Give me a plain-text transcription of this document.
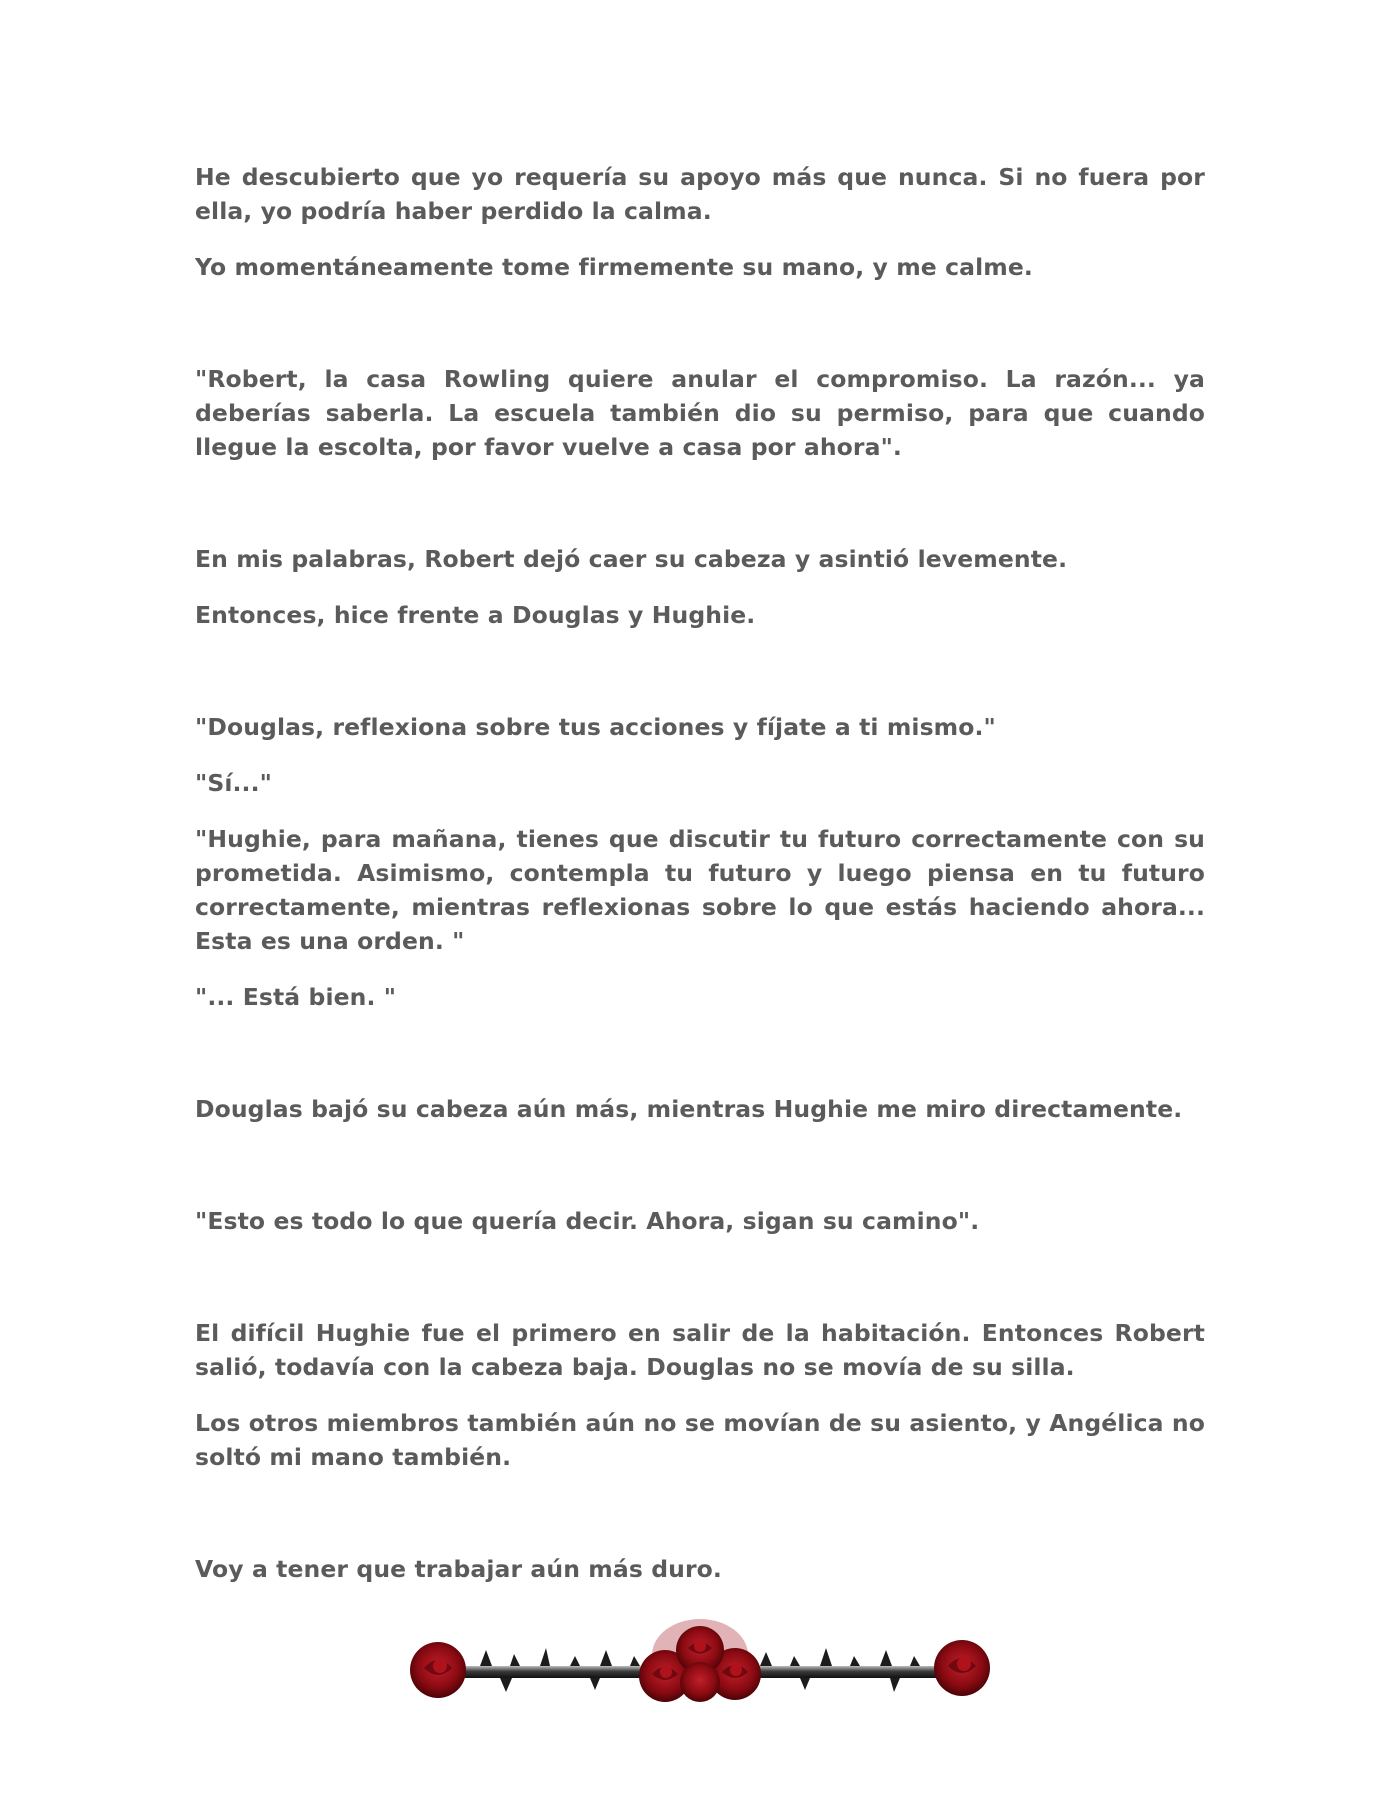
He descubierto que yo requería su apoyo más que nunca. Si no fuera por ella, yo podría haber perdido la calma.

Yo momentáneamente tome firmemente su mano, y me calme.

"Robert, la casa Rowling quiere anular el compromiso. La razón... ya deberías saberla. La escuela también dio su permiso, para que cuando llegue la escolta, por favor vuelve a casa por ahora".

En mis palabras, Robert dejó caer su cabeza y asintió levemente.

Entonces, hice frente a Douglas y Hughie.

"Douglas, reflexiona sobre tus acciones y fíjate a ti mismo."

"Sí..."

"Hughie, para mañana, tienes que discutir tu futuro correctamente con su prometida. Asimismo, contempla tu futuro y luego piensa en tu futuro correctamente, mientras reflexionas sobre lo que estás haciendo ahora... Esta es una orden. "

"... Está bien. "

Douglas bajó su cabeza aún más, mientras Hughie me miro directamente.

"Esto es todo lo que quería decir. Ahora, sigan su camino".

El difícil Hughie fue el primero en salir de la habitación. Entonces Robert salió, todavía con la cabeza baja. Douglas no se movía de su silla.

Los otros miembros también aún no se movían de su asiento, y Angélica no soltó mi mano también.

Voy a tener que trabajar aún más duro.
